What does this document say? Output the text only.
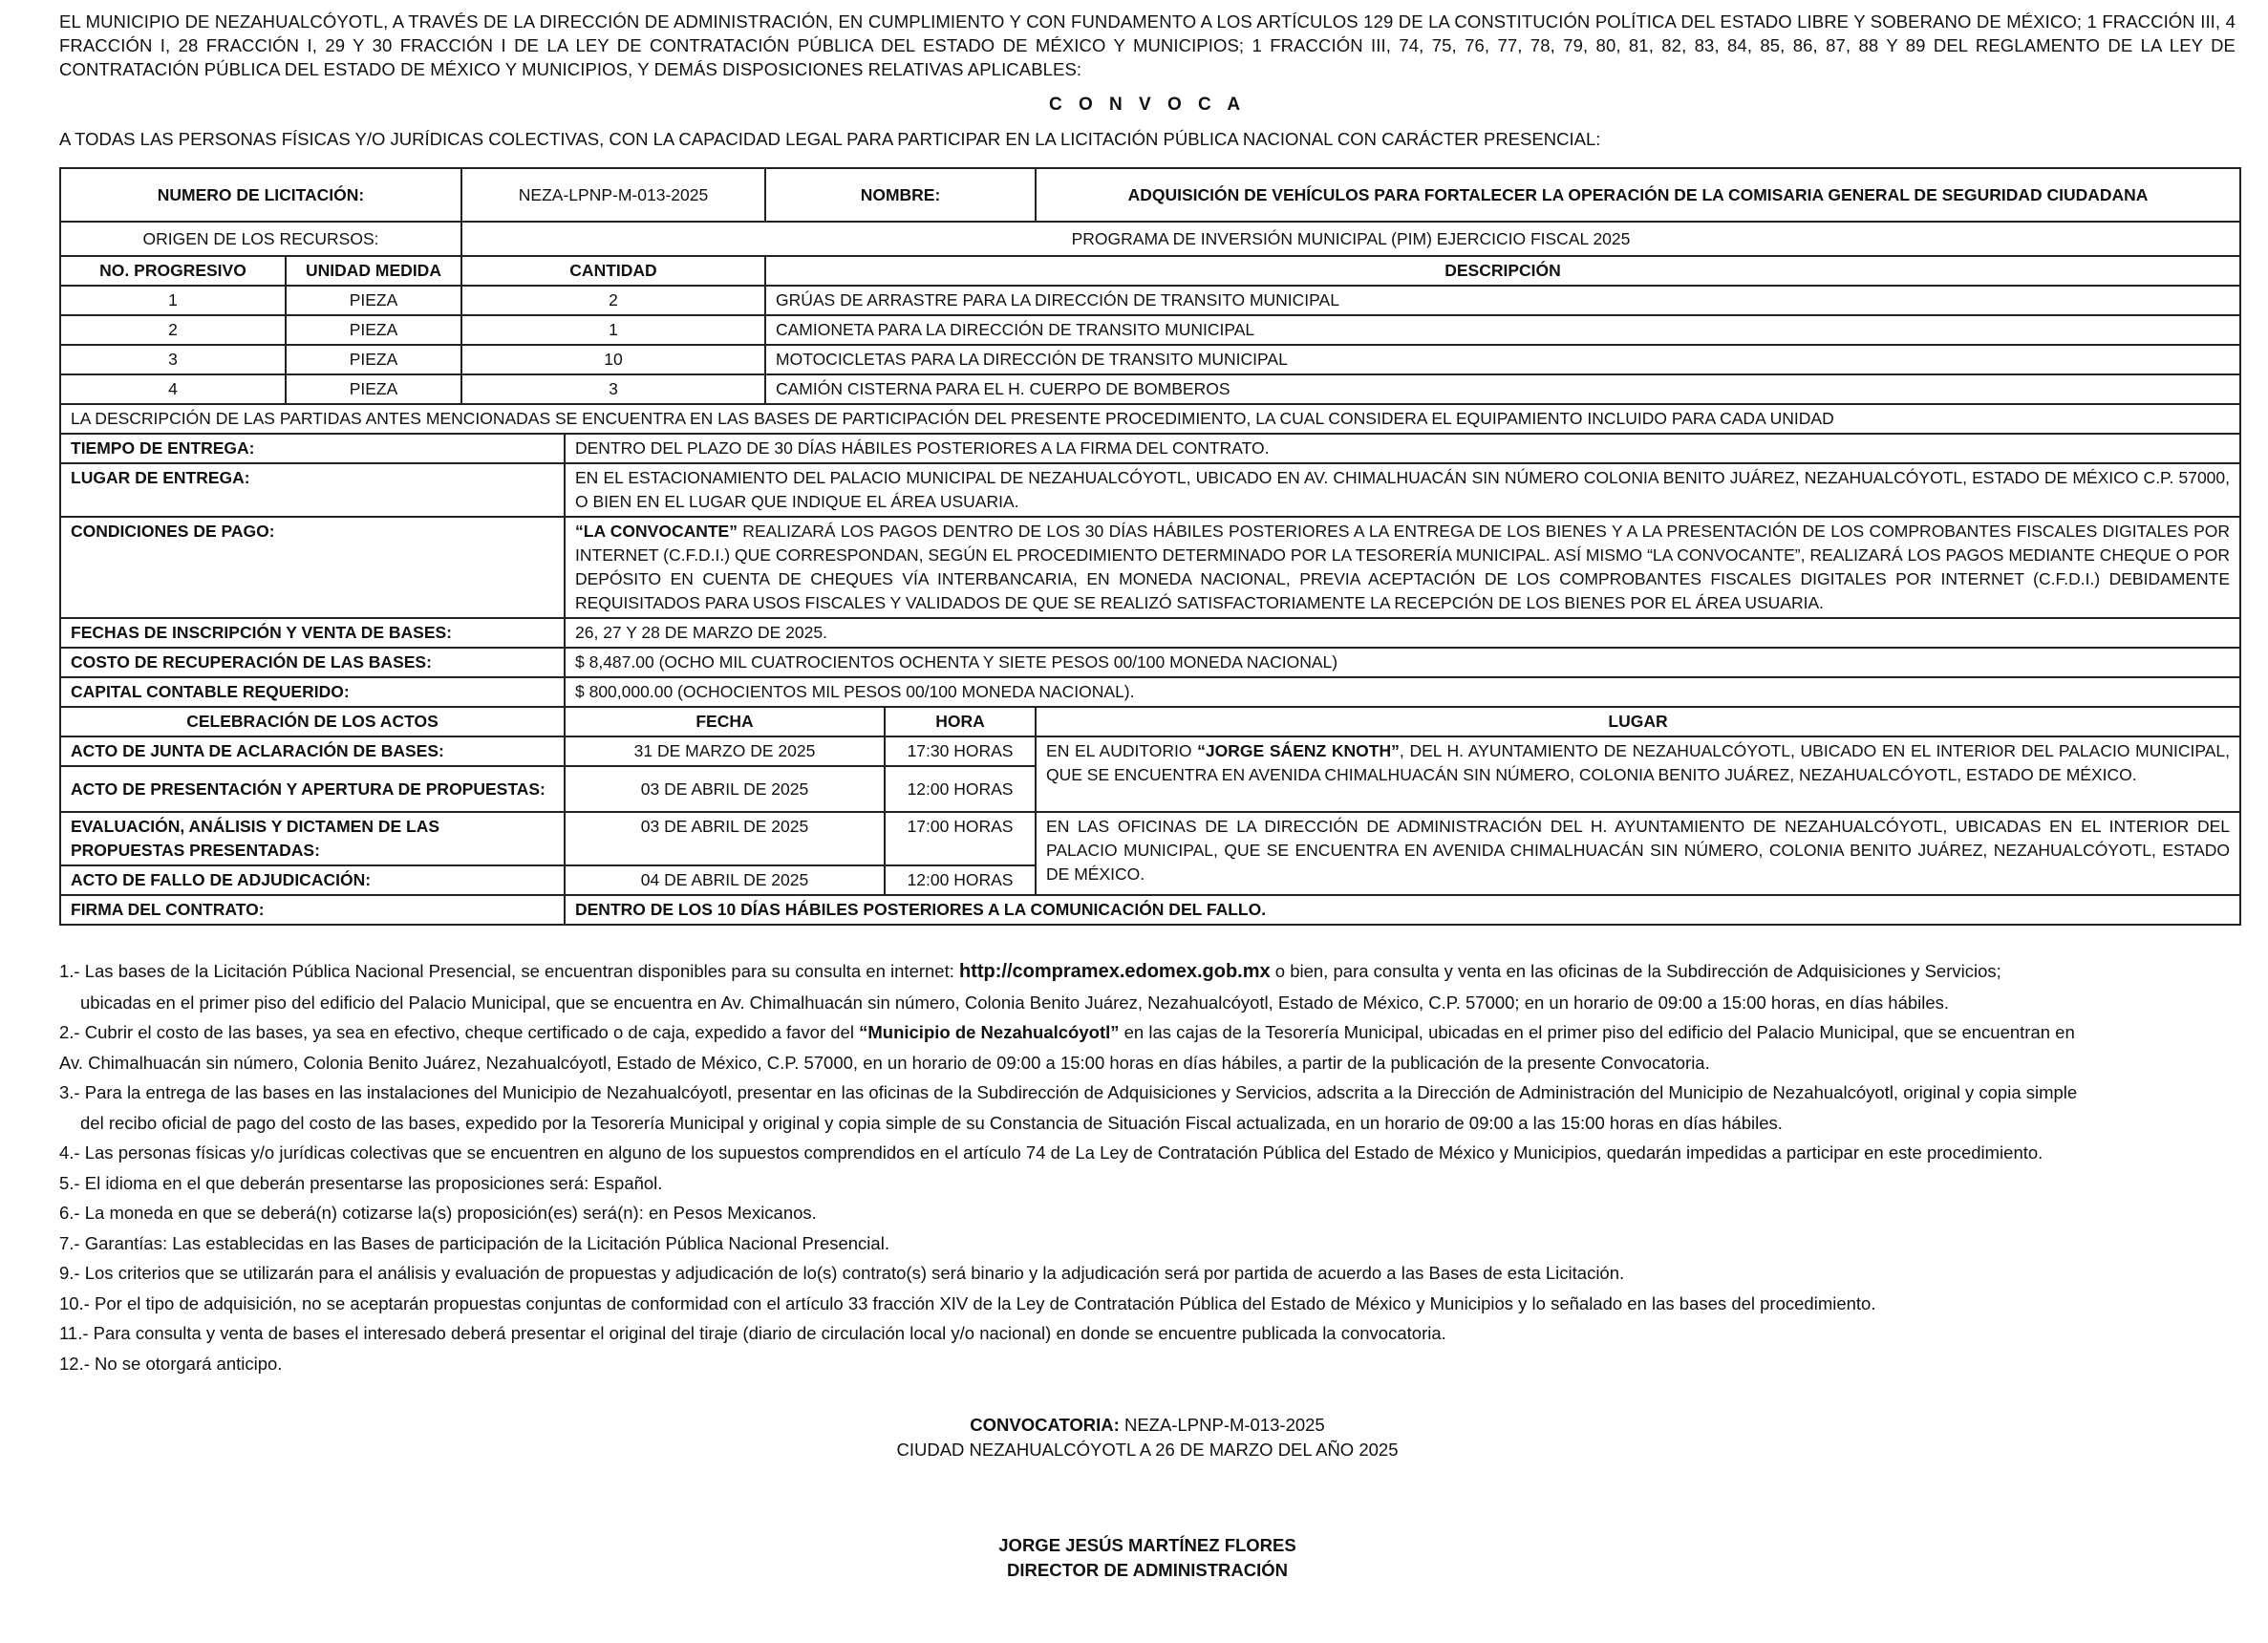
EL MUNICIPIO DE NEZAHUALCÓYOTL, A TRAVÉS DE LA DIRECCIÓN DE ADMINISTRACIÓN, EN CUMPLIMIENTO Y CON FUNDAMENTO A LOS ARTÍCULOS 129 DE LA CONSTITUCIÓN POLÍTICA DEL ESTADO LIBRE Y SOBERANO DE MÉXICO; 1 FRACCIÓN III, 4 FRACCIÓN I, 28 FRACCIÓN I, 29 Y 30 FRACCIÓN I DE LA LEY DE CONTRATACIÓN PÚBLICA DEL ESTADO DE MÉXICO Y MUNICIPIOS; 1 FRACCIÓN III, 74, 75, 76, 77, 78, 79, 80, 81, 82, 83, 84, 85, 86, 87, 88 Y 89 DEL REGLAMENTO DE LA LEY DE CONTRATACIÓN PÚBLICA DEL ESTADO DE MÉXICO Y MUNICIPIOS, Y DEMÁS DISPOSICIONES RELATIVAS APLICABLES:

C O N V O C A

A TODAS LAS PERSONAS FÍSICAS Y/O JURÍDICAS COLECTIVAS, CON LA CAPACIDAD LEGAL PARA PARTICIPAR EN LA LICITACIÓN PÚBLICA NACIONAL CON CARÁCTER PRESENCIAL:

NUMERO DE LICITACIÓN:		NEZA-LPNP-M-013-2025		NOMBRE:		ADQUISICIÓN DE VEHÍCULOS PARA FORTALECER LA OPERACIÓN DE LA COMISARIA GENERAL DE SEGURIDAD CIUDADANA
ORIGEN DE LOS RECURSOS:		PROGRAMA DE INVERSIÓN MUNICIPAL (PIM) EJERCICIO FISCAL 2025				
NO. PROGRESIVO	UNIDAD MEDIDA	CANTIDAD		DESCRIPCIÓN		
1	PIEZA	2		GRÚAS DE ARRASTRE PARA LA DIRECCIÓN DE TRANSITO MUNICIPAL		
2	PIEZA	1		CAMIONETA PARA LA DIRECCIÓN DE TRANSITO MUNICIPAL		
3	PIEZA	10		MOTOCICLETAS PARA LA DIRECCIÓN DE TRANSITO MUNICIPAL		
4	PIEZA	3		CAMIÓN CISTERNA PARA EL H. CUERPO DE BOMBEROS		
LA DESCRIPCIÓN DE LAS PARTIDAS ANTES MENCIONADAS SE ENCUENTRA EN LAS BASES DE PARTICIPACIÓN DEL PRESENTE PROCEDIMIENTO, LA CUAL CONSIDERA EL EQUIPAMIENTO INCLUIDO PARA CADA UNIDAD						
TIEMPO DE ENTREGA:			DENTRO DEL PLAZO DE 30 DÍAS HÁBILES POSTERIORES A LA FIRMA DEL CONTRATO.			
LUGAR DE ENTREGA:			EN EL ESTACIONAMIENTO DEL PALACIO MUNICIPAL DE NEZAHUALCÓYOTL, UBICADO EN AV. CHIMALHUACÁN SIN NÚMERO COLONIA BENITO JUÁREZ, NEZAHUALCÓYOTL, ESTADO DE MÉXICO C.P. 57000, O BIEN EN EL LUGAR QUE INDIQUE EL ÁREA USUARIA.			
CONDICIONES DE PAGO:			“LA CONVOCANTE” REALIZARÁ LOS PAGOS DENTRO DE LOS 30 DÍAS HÁBILES POSTERIORES A LA ENTREGA DE LOS BIENES Y A LA PRESENTACIÓN DE LOS COMPROBANTES FISCALES DIGITALES POR INTERNET (C.F.D.I.) QUE CORRESPONDAN, SEGÚN EL PROCEDIMIENTO DETERMINADO POR LA TESORERÍA MUNICIPAL. ASÍ MISMO “LA CONVOCANTE”, REALIZARÁ LOS PAGOS MEDIANTE CHEQUE O POR DEPÓSITO EN CUENTA DE CHEQUES VÍA INTERBANCARIA, EN MONEDA NACIONAL, PREVIA ACEPTACIÓN DE LOS COMPROBANTES FISCALES DIGITALES POR INTERNET (C.F.D.I.) DEBIDAMENTE REQUISITADOS PARA USOS FISCALES Y VALIDADOS DE QUE SE REALIZÓ SATISFACTORIAMENTE LA RECEPCIÓN DE LOS BIENES POR EL ÁREA USUARIA.			
FECHAS DE INSCRIPCIÓN Y VENTA DE BASES:			26, 27 Y 28 DE MARZO DE 2025.			
COSTO DE RECUPERACIÓN DE LAS BASES:			$ 8,487.00 (OCHO MIL CUATROCIENTOS OCHENTA Y SIETE PESOS 00/100 MONEDA NACIONAL)			
CAPITAL CONTABLE REQUERIDO:			$ 800,000.00 (OCHOCIENTOS MIL PESOS 00/100 MONEDA NACIONAL).			
CELEBRACIÓN DE LOS ACTOS			FECHA		HORA	LUGAR
ACTO DE JUNTA DE ACLARACIÓN DE BASES:			31 DE MARZO DE 2025		17:30 HORAS	EN EL AUDITORIO “JORGE SÁENZ KNOTH”, DEL H. AYUNTAMIENTO DE NEZAHUALCÓYOTL, UBICADO EN EL INTERIOR DEL PALACIO MUNICIPAL, QUE SE ENCUENTRA EN AVENIDA CHIMALHUACÁN SIN NÚMERO, COLONIA BENITO JUÁREZ, NEZAHUALCÓYOTL, ESTADO DE MÉXICO.
ACTO DE PRESENTACIÓN Y APERTURA DE PROPUESTAS:			03 DE ABRIL DE 2025		12:00 HORAS	
EVALUACIÓN, ANÁLISIS Y DICTAMEN DE LAS PROPUESTAS PRESENTADAS:			03 DE ABRIL DE 2025		17:00 HORAS	EN LAS OFICINAS DE LA DIRECCIÓN DE ADMINISTRACIÓN DEL H. AYUNTAMIENTO DE NEZAHUALCÓYOTL, UBICADAS EN EL INTERIOR DEL PALACIO MUNICIPAL, QUE SE ENCUENTRA EN AVENIDA CHIMALHUACÁN SIN NÚMERO, COLONIA BENITO JUÁREZ, NEZAHUALCÓYOTL, ESTADO DE MÉXICO.
ACTO DE FALLO DE ADJUDICACIÓN:			04 DE ABRIL DE 2025		12:00 HORAS	
FIRMA DEL CONTRATO:			DENTRO DE LOS 10 DÍAS HÁBILES POSTERIORES A LA COMUNICACIÓN DEL FALLO.			
1.- Las bases de la Licitación Pública Nacional Presencial, se encuentran disponibles para su consulta en internet: http://compramex.edomex.gob.mx o bien, para consulta y venta en las oficinas de la Subdirección de Adquisiciones y Servicios;
ubicadas en el primer piso del edificio del Palacio Municipal, que se encuentra en Av. Chimalhuacán sin número, Colonia Benito Juárez, Nezahualcóyotl, Estado de México, C.P. 57000; en un horario de 09:00 a 15:00 horas, en días hábiles.
2.- Cubrir el costo de las bases, ya sea en efectivo, cheque certificado o de caja, expedido a favor del “Municipio de Nezahualcóyotl” en las cajas de la Tesorería Municipal, ubicadas en el primer piso del edificio del Palacio Municipal, que se encuentran en
Av. Chimalhuacán sin número, Colonia Benito Juárez, Nezahualcóyotl, Estado de México, C.P. 57000, en un horario de 09:00 a 15:00 horas en días hábiles, a partir de la publicación de la presente Convocatoria.
3.- Para la entrega de las bases en las instalaciones del Municipio de Nezahualcóyotl, presentar en las oficinas de la Subdirección de Adquisiciones y Servicios, adscrita a la Dirección de Administración del Municipio de Nezahualcóyotl, original y copia simple
del recibo oficial de pago del costo de las bases, expedido por la Tesorería Municipal y original y copia simple de su Constancia de Situación Fiscal actualizada, en un horario de 09:00 a las 15:00 horas en días hábiles.
4.- Las personas físicas y/o jurídicas colectivas que se encuentren en alguno de los supuestos comprendidos en el artículo 74 de La Ley de Contratación Pública del Estado de México y Municipios, quedarán impedidas a participar en este procedimiento.
5.- El idioma en el que deberán presentarse las proposiciones será: Español.
6.- La moneda en que se deberá(n) cotizarse la(s) proposición(es) será(n): en Pesos Mexicanos.
7.- Garantías: Las establecidas en las Bases de participación de la Licitación Pública Nacional Presencial.
9.- Los criterios que se utilizarán para el análisis y evaluación de propuestas y adjudicación de lo(s) contrato(s) será binario y la adjudicación será por partida de acuerdo a las Bases de esta Licitación.
10.- Por el tipo de adquisición, no se aceptarán propuestas conjuntas de conformidad con el artículo 33 fracción XIV de la Ley de Contratación Pública del Estado de México y Municipios y lo señalado en las bases del procedimiento.
11.- Para consulta y venta de bases el interesado deberá presentar el original del tiraje (diario de circulación local y/o nacional) en donde se encuentre publicada la convocatoria.
12.- No se otorgará anticipo.
CONVOCATORIA: NEZA-LPNP-M-013-2025
CIUDAD NEZAHUALCÓYOTL A 26 DE MARZO DEL AÑO 2025
JORGE JESÚS MARTÍNEZ FLORES
DIRECTOR DE ADMINISTRACIÓN
